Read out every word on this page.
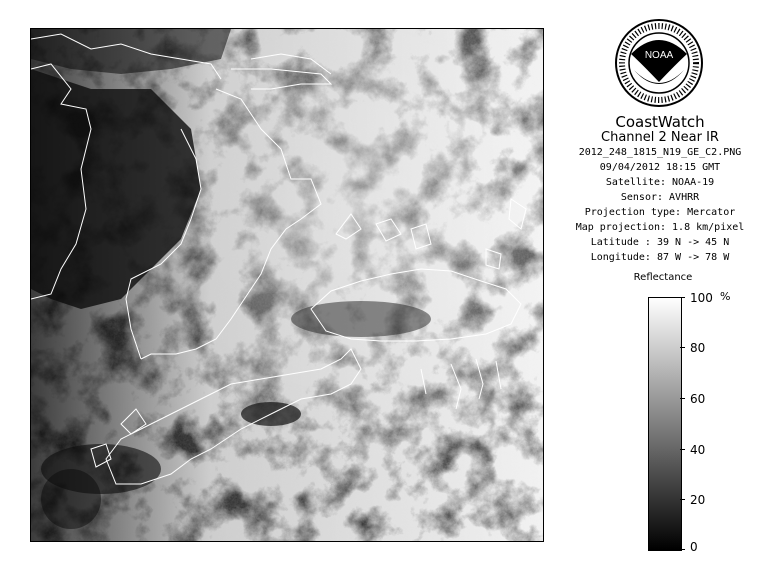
NOAA
CoastWatch
Channel 2 Near IR
2012_248_1815_N19_GE_C2.PNG
09/04/2012 18:15 GMT
Satellite: NOAA-19
Sensor: AVHRR
Projection type: Mercator
Map projection: 1.8 km/pixel
Latitude : 39 N -> 45 N
Longitude: 87 W -> 78 W
Reflectance
%
100
80
60
40
20
0
